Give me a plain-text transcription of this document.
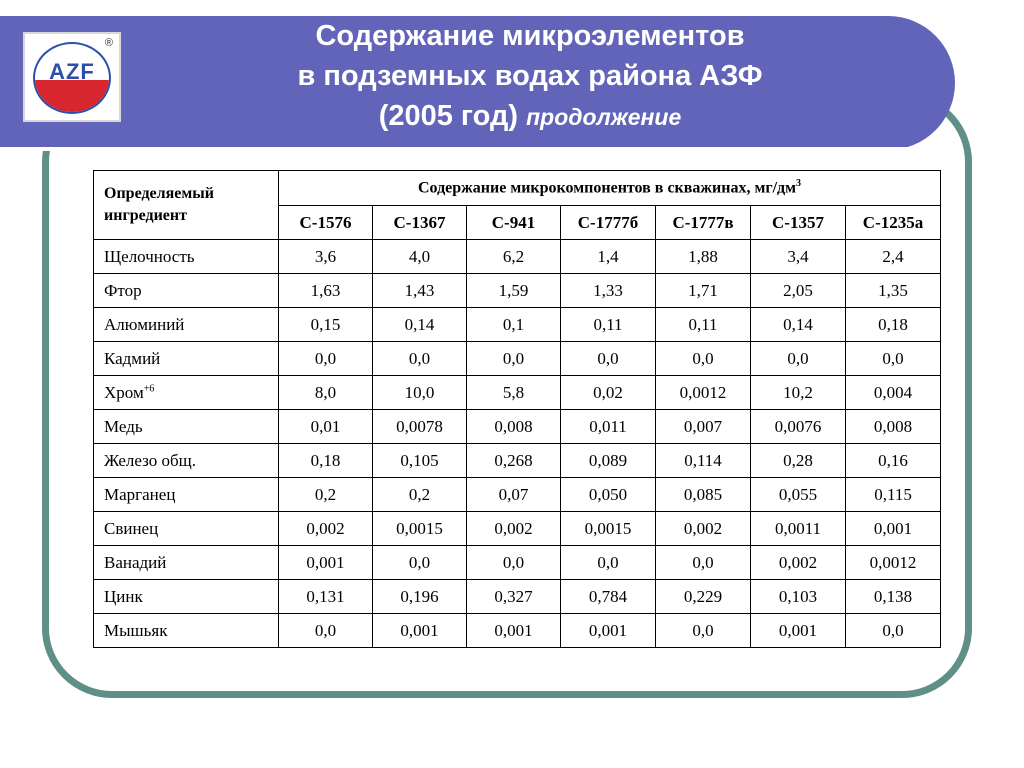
AZF
®	Содержание микроэлементов
в подземных водах района АЗФ
(2005 год) продолжение
Определяемый ингредиент	Содержание микрокомпонентов в скважинах, $мг/дм^3$
	С-1576	С-1367	С-941	С-1777б	С-1777в	С-1357	С-1235а
Щелочность	3,6	4,0	6,2	1,4	1,88	3,4	2,4
Фтор	1,63	1,43	1,59	1,33	1,71	2,05	1,35
Алюминий	0,15	0,14	0,1	0,11	0,11	0,14	0,18
Кадмий	0,0	0,0	0,0	0,0	0,0	0,0	0,0
Хром$^{+6}$	8,0	10,0	5,8	0,02	0,0012	10,2	0,004
Медь	0,01	0,0078	0,008	0,011	0,007	0,0076	0,008
Железо общ.	0,18	0,105	0,268	0,089	0,114	0,28	0,16
Марганец	0,2	0,2	0,07	0,050	0,085	0,055	0,115
Свинец	0,002	0,0015	0,002	0,0015	0,002	0,0011	0,001
Ванадий	0,001	0,0	0,0	0,0	0,0	0,002	0,0012
Цинк	0,131	0,196	0,327	0,784	0,229	0,103	0,138
Мышьяк	0,0	0,001	0,001	0,001	0,0	0,001	0,0
